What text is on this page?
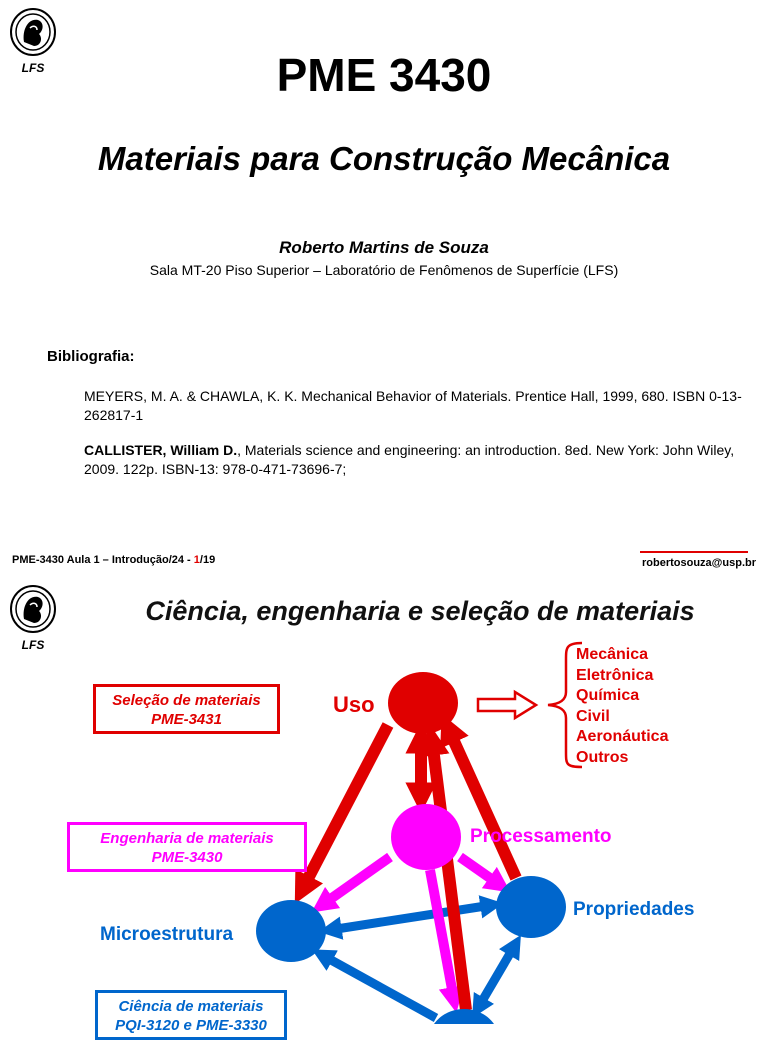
LFS	PME 3430
Materiais para Construção Mecânica
Roberto Martins de Souza
Sala MT-20 Piso Superior – Laboratório de Fenômenos de Superfície (LFS)
Bibliografia:
MEYERS, M. A. & CHAWLA, K. K. Mechanical Behavior of Materials. Prentice Hall, 1999, 680. ISBN 0-13-262817-1
CALLISTER, William D., Materials science and engineering: an introduction. 8ed. New York: John Wiley, 2009. 122p. ISBN-13: 978-0-471-73696-7;
PME-3430 Aula 1 – Introdução/24 - 1/19	robertosouza@usp.br
LFS
Ciência, engenharia e seleção de materiais
Uso
Processamento
Propriedades
Microestrutura
Mecânica
Eletrônica
Química
Civil
Aeronáutica
Outros
Seleção de materiais
PME-3431
Engenharia de materiais
PME-3430
Ciência de materiais
PQI-3120 e PME-3330
